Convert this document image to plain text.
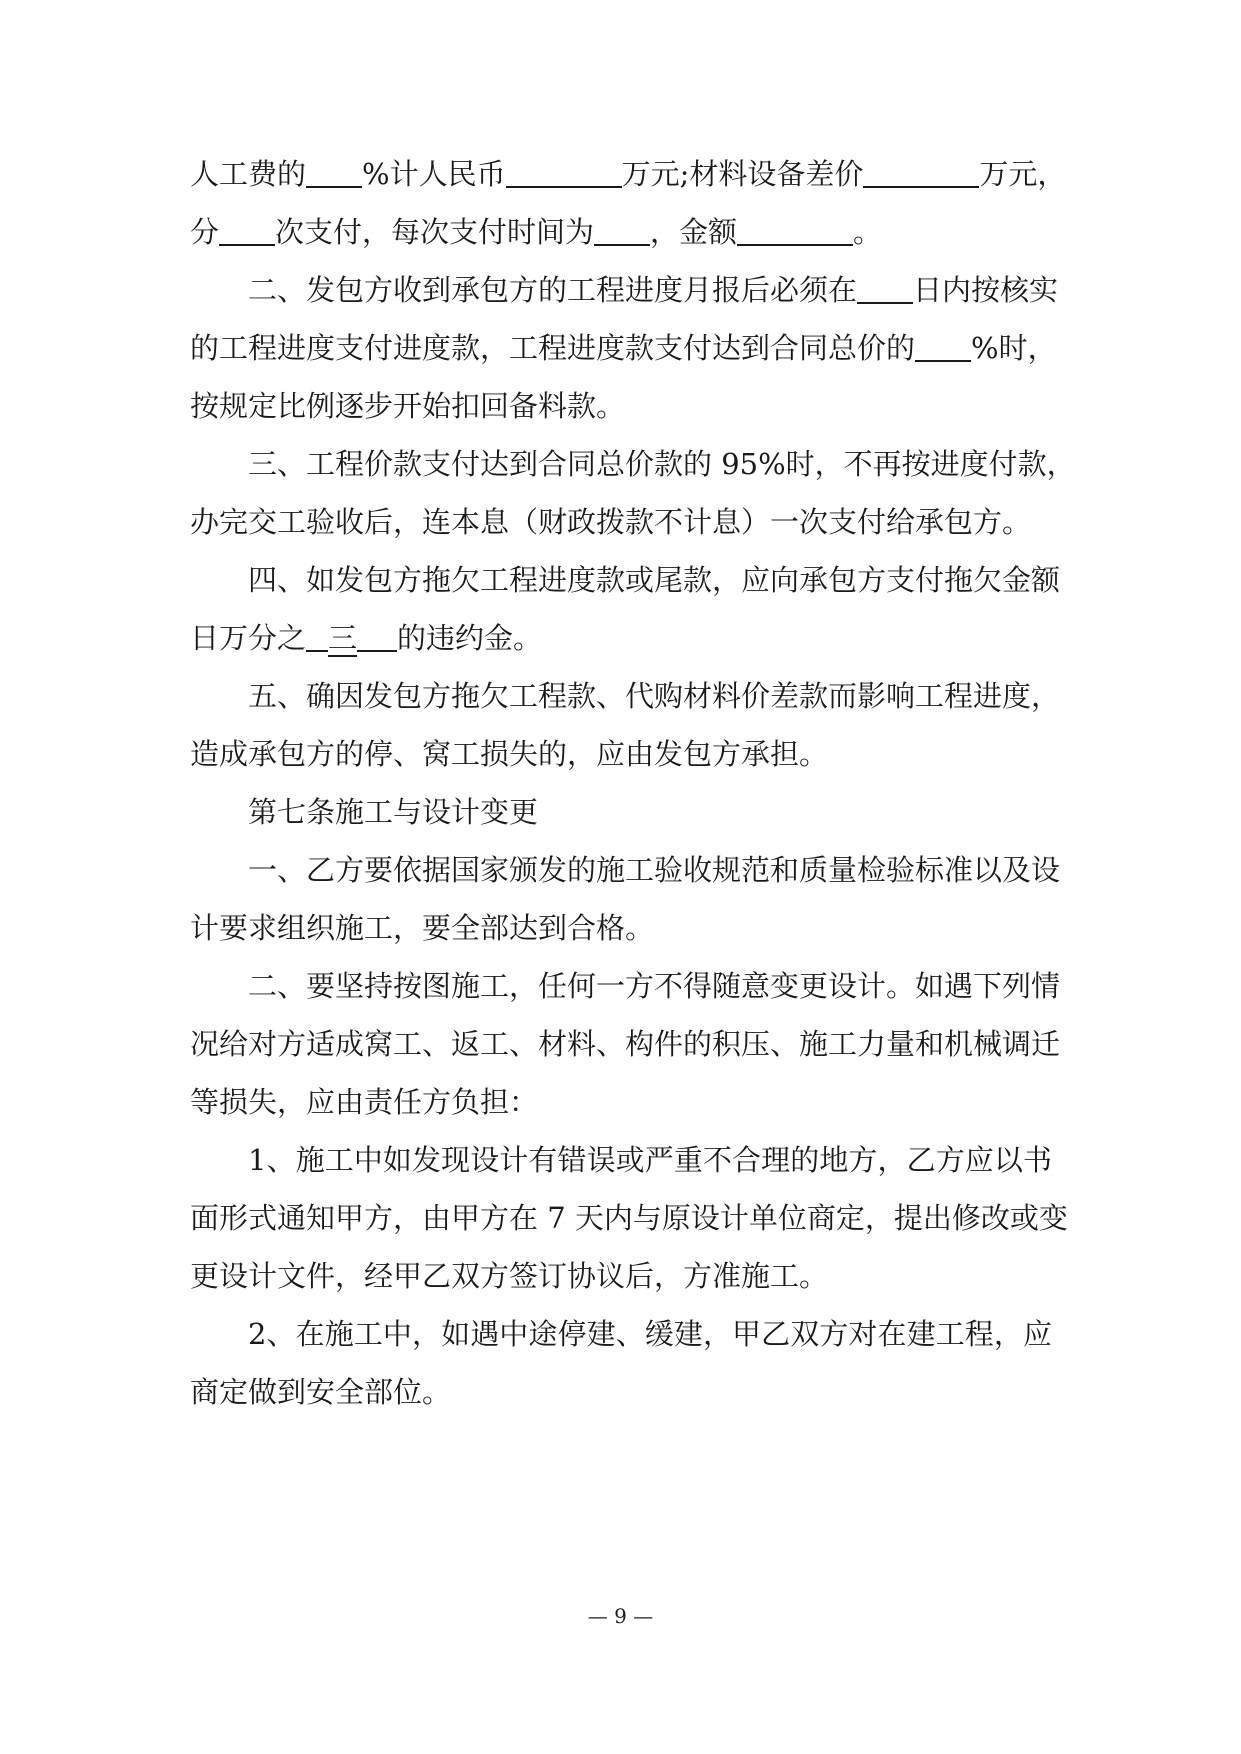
人工费的 %计人民币	万元;材料设备差价	万元，
分 次支付，每次支付时间为 ，金额	。
二、发包方收到承包方的工程进度月报后必须在 日内按核实
的工程进度支付进度款，工程进度款支付达到合同总价的 %时，
按规定比例逐步开始扣回备料款。
三、工程价款支付达到合同总价款的 95%时，不再按进度付款，
办完交工验收后，连本息（财政拨款不计息）一次支付给承包方。
四、如发包方拖欠工程进度款或尾款，应向承包方支付拖欠金额
日万分之 三 的违约金。
五、确因发包方拖欠工程款、代购材料价差款而影响工程进度，
造成承包方的停、窝工损失的，应由发包方承担。
第七条施工与设计变更
一、乙方要依据国家颁发的施工验收规范和质量检验标准以及设
计要求组织施工，要全部达到合格。
二、要坚持按图施工，任何一方不得随意变更设计。如遇下列情
况给对方适成窝工、返工、材料、构件的积压、施工力量和机械调迁
等损失，应由责任方负担：
1、施工中如发现设计有错误或严重不合理的地方，乙方应以书
面形式通知甲方，由甲方在 7 天内与原设计单位商定，提出修改或变
更设计文件，经甲乙双方签订协议后，方准施工。
2、在施工中，如遇中途停建、缓建，甲乙双方对在建工程，应
商定做到安全部位。
— 9 —
